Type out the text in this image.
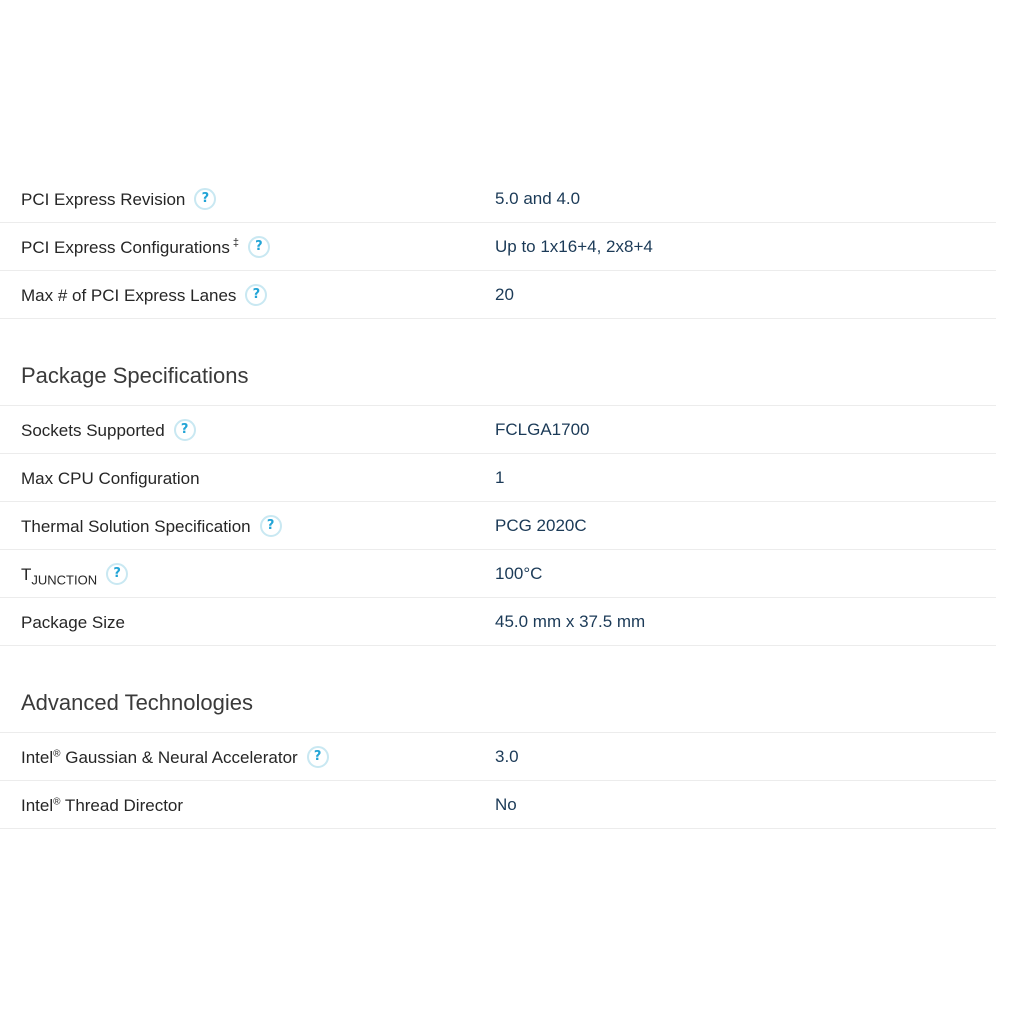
PCI Express Revision ?	5.0 and 4.0
PCI Express Configurations ‡ ?	Up to 1x16+4, 2x8+4
Max # of PCI Express Lanes ?	20
Package Specifications
Sockets Supported ?	FCLGA1700
Max CPU Configuration	1
Thermal Solution Specification ?	PCG 2020C
$T_{JUNCTION}$ ?	100°C
Package Size	45.0 mm x 37.5 mm
Advanced Technologies
Intel® Gaussian & Neural Accelerator ?	3.0
Intel® Thread Director	No
